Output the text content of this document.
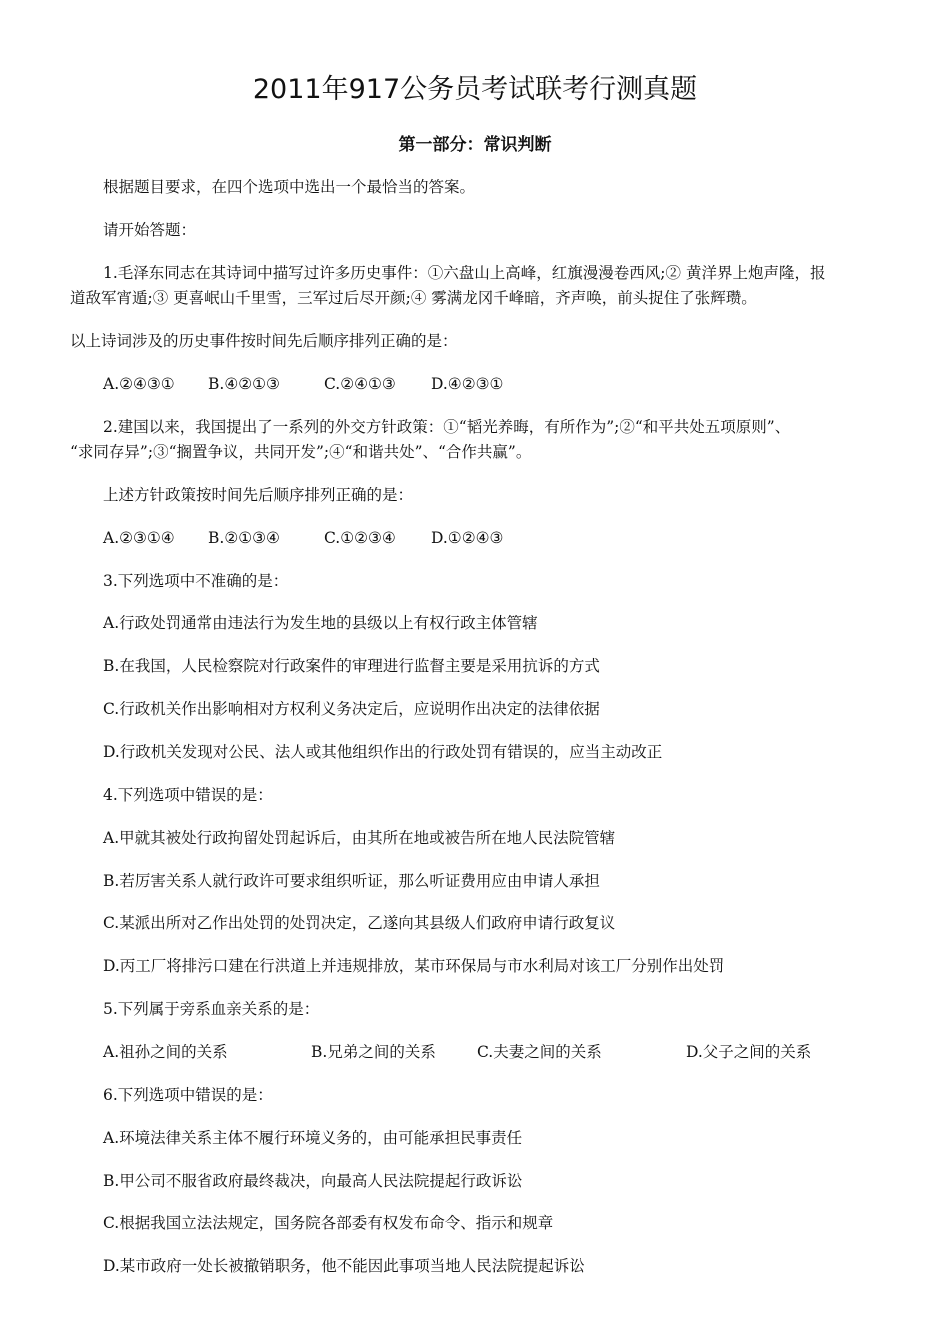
2011年917公务员考试联考行测真题
第一部分：常识判断
根据题目要求，在四个选项中选出一个最恰当的答案。
请开始答题：
1.毛泽东同志在其诗词中描写过许多历史事件：①六盘山上高峰，红旗漫漫卷西风;② 黄洋界上炮声隆，报
道敌军宵遁;③ 更喜岷山千里雪，三军过后尽开颜;④ 雾满龙冈千峰暗，齐声唤，前头捉住了张辉瓒。
以上诗词涉及的历史事件按时间先后顺序排列正确的是：
A.②④③① B.④②①③	C.②④①③ D.④②③①
2.建国以来，我国提出了一系列的外交方针政策：①“韬光养晦，有所作为”;②“和平共处五项原则”、
“求同存异”;③“搁置争议，共同开发”;④“和谐共处”、“合作共赢”。
上述方针政策按时间先后顺序排列正确的是：
A.②③①④ B.②①③④	C.①②③④ D.①②④③
3.下列选项中不准确的是：
A.行政处罚通常由违法行为发生地的县级以上有权行政主体管辖
B.在我国，人民检察院对行政案件的审理进行监督主要是采用抗诉的方式
C.行政机关作出影响相对方权利义务决定后，应说明作出决定的法律依据
D.行政机关发现对公民、法人或其他组织作出的行政处罚有错误的，应当主动改正
4.下列选项中错误的是：
A.甲就其被处行政拘留处罚起诉后，由其所在地或被告所在地人民法院管辖
B.若厉害关系人就行政许可要求组织听证，那么听证费用应由申请人承担
C.某派出所对乙作出处罚的处罚决定，乙遂向其县级人们政府申请行政复议
D.丙工厂将排污口建在行洪道上并违规排放，某市环保局与市水利局对该工厂分别作出处罚
5.下列属于旁系血亲关系的是：
A.祖孙之间的关系	B.兄弟之间的关系	C.夫妻之间的关系	D.父子之间的关系
6.下列选项中错误的是：
A.环境法律关系主体不履行环境义务的，由可能承担民事责任
B.甲公司不服省政府最终裁决，向最高人民法院提起行政诉讼
C.根据我国立法法规定，国务院各部委有权发布命令、指示和规章
D.某市政府一处长被撤销职务，他不能因此事项当地人民法院提起诉讼
